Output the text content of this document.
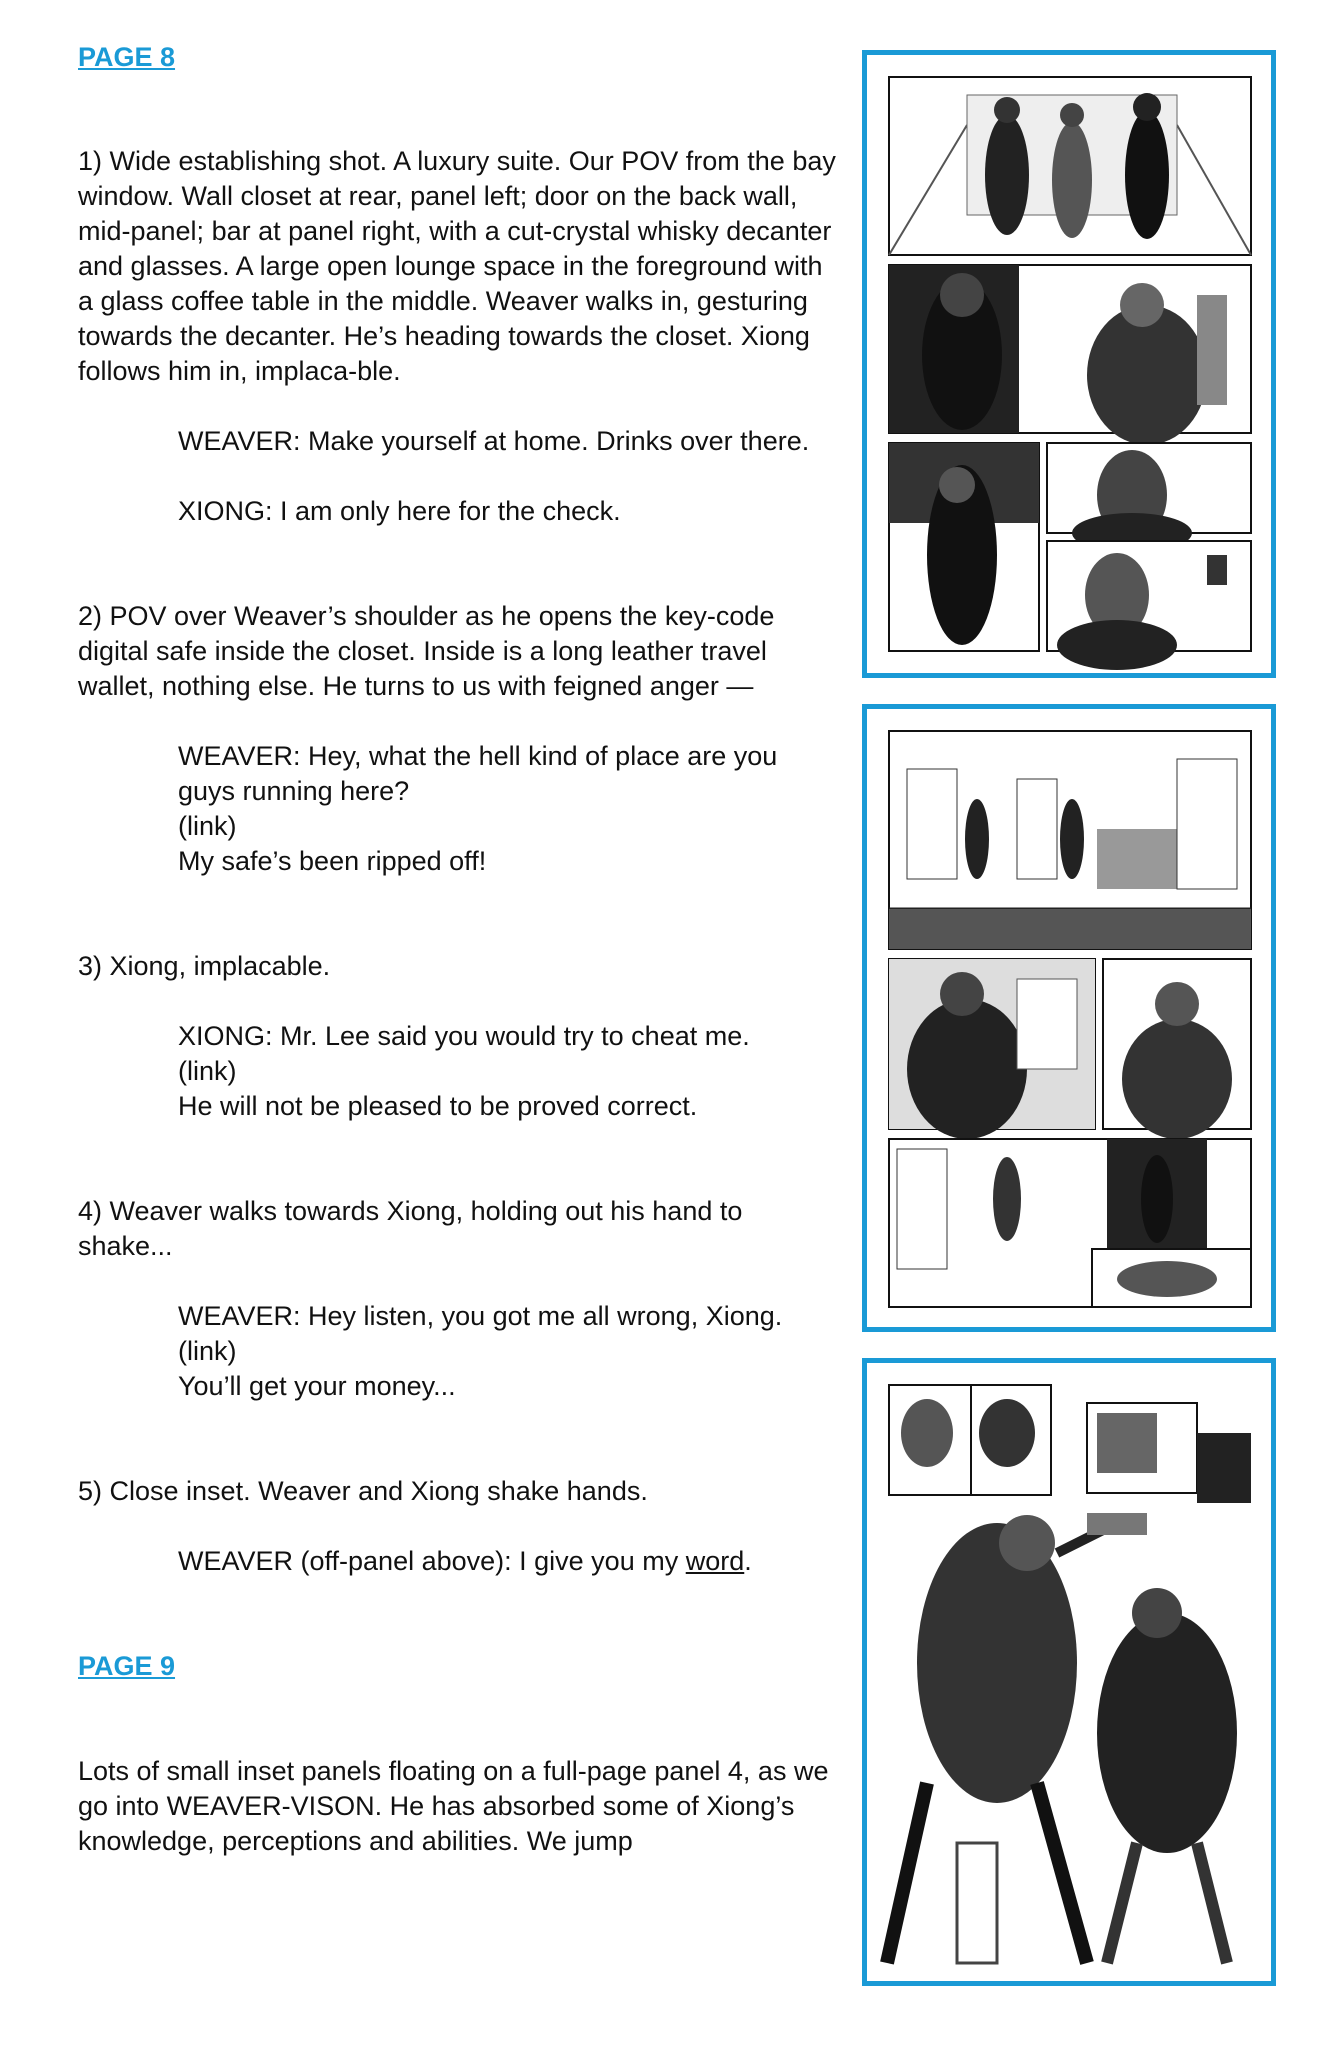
PAGE 8

1) Wide establishing shot. A luxury suite. Our POV from the bay window. Wall closet at rear, panel left; door on the back wall, mid-panel; bar at panel right, with a cut-crystal whisky decanter and glasses. A large open lounge space in the foreground with a glass coffee table in the middle. Weaver walks in, gesturing towards the decanter. He’s heading towards the closet. Xiong follows him in, implaca-ble.

WEAVER: Make yourself at home. Drinks over there.

XIONG: I am only here for the check.

2) POV over Weaver’s shoulder as he opens the key-code digital safe inside the closet. Inside is a long leather travel wallet, nothing else. He turns to us with feigned anger —

WEAVER: Hey, what the hell kind of place are you guys running here?

(link)

My safe’s been ripped off!

3) Xiong, implacable.

XIONG: Mr. Lee said you would try to cheat me.

(link)

He will not be pleased to be proved correct.

4) Weaver walks towards Xiong, holding out his hand to shake...

WEAVER: Hey listen, you got me all wrong, Xiong.

(link)

You’ll get your money...

5) Close inset. Weaver and Xiong shake hands.

WEAVER (off-panel above): I give you my word.

PAGE 9

Lots of small inset panels floating on a full-page panel 4, as we go into WEAVER-VISON. He has absorbed some of Xiong’s knowledge, perceptions and abilities. We jump
